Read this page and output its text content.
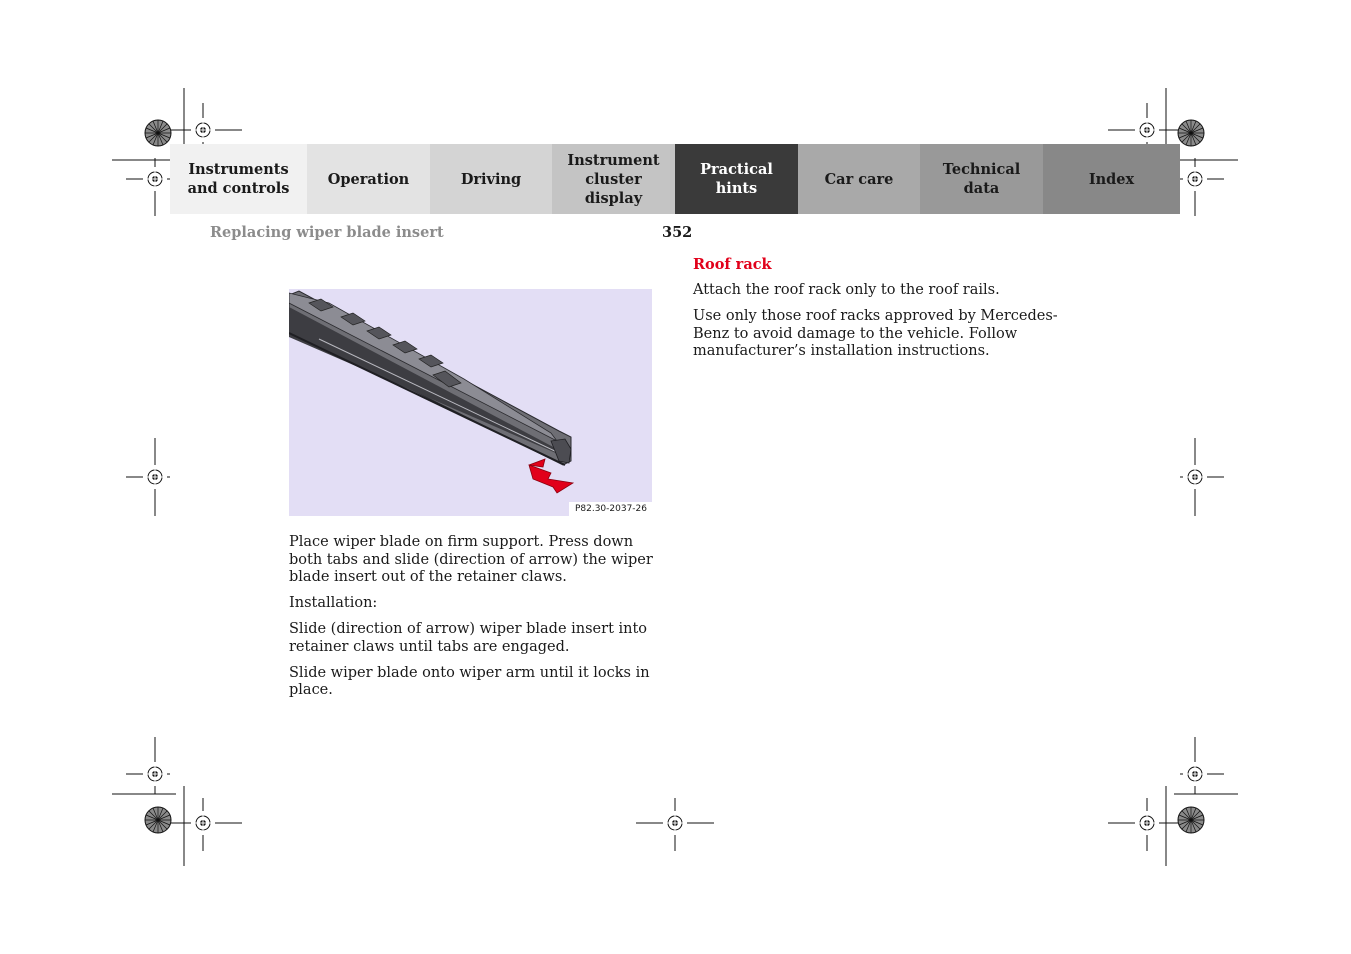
Instruments
and controls
Operation	Driving
Instrument
cluster display
Practical hints
Car care
Technical
data
Index
Replacing wiper blade insert	352
P82.30-2037-26

Place wiper blade on firm support. Press down both tabs and slide (direction of arrow) the wiper blade insert out of the retainer claws.

Installation:

Slide (direction of arrow) wiper blade insert into retainer claws until tabs are engaged.

Slide wiper blade onto wiper arm until it locks in place.

Roof rack

Attach the roof rack only to the roof rails.

Use only those roof racks approved by Mercedes-Benz to avoid damage to the vehicle. Follow manufacturer’s installation instructions.
